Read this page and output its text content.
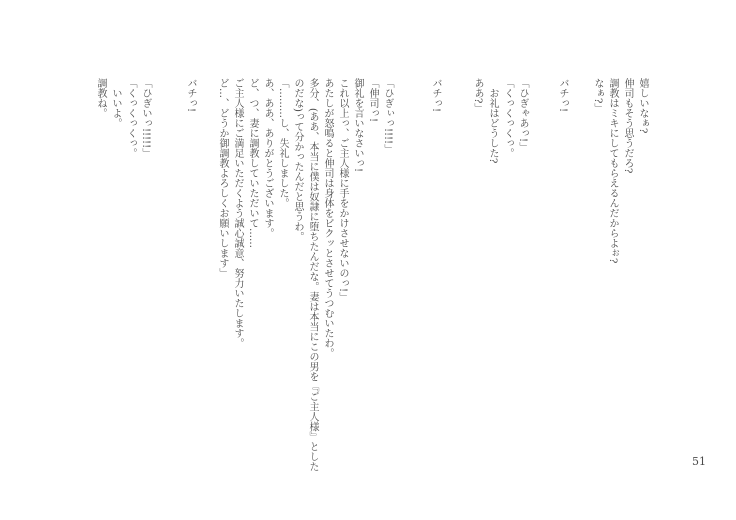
嬉しいなぁ?
伸司もそう思うだろ?
調教はミキにしてもらえるんだからよぉ?
なぁ?」
バチっ!
「ひぎゃあっ!」
「くっくっくっ。
お礼はどうした?
ああ?」
バチっ!
「ひぎぃっ!!!!」
「伸司っ!
御礼を言いなさいっ!
これ以上っ、ご主人様に手をかけさせないのっ!」
あたしが怒鳴ると伸司は身体をビクッとさせてうつむいたわ。
多分、(ああ、本当に僕は奴隷に堕ちたんだな。妻は本当にこの男を『ご主人様』とした
のだな)って分かったんだと思うわ。
「………し、失礼しました。
あ、ああ、ありがとうございます。
ど、つ、妻に調教していただいて……
ご主人様にご満足いただくよう誠心誠意、努力いたします。
ど…、どうか御調教よろしくお願いします」
バチっ!
「ひぎいっ!!!!!」
「くっくっくっ。
いいよ。
調教ね。
51
